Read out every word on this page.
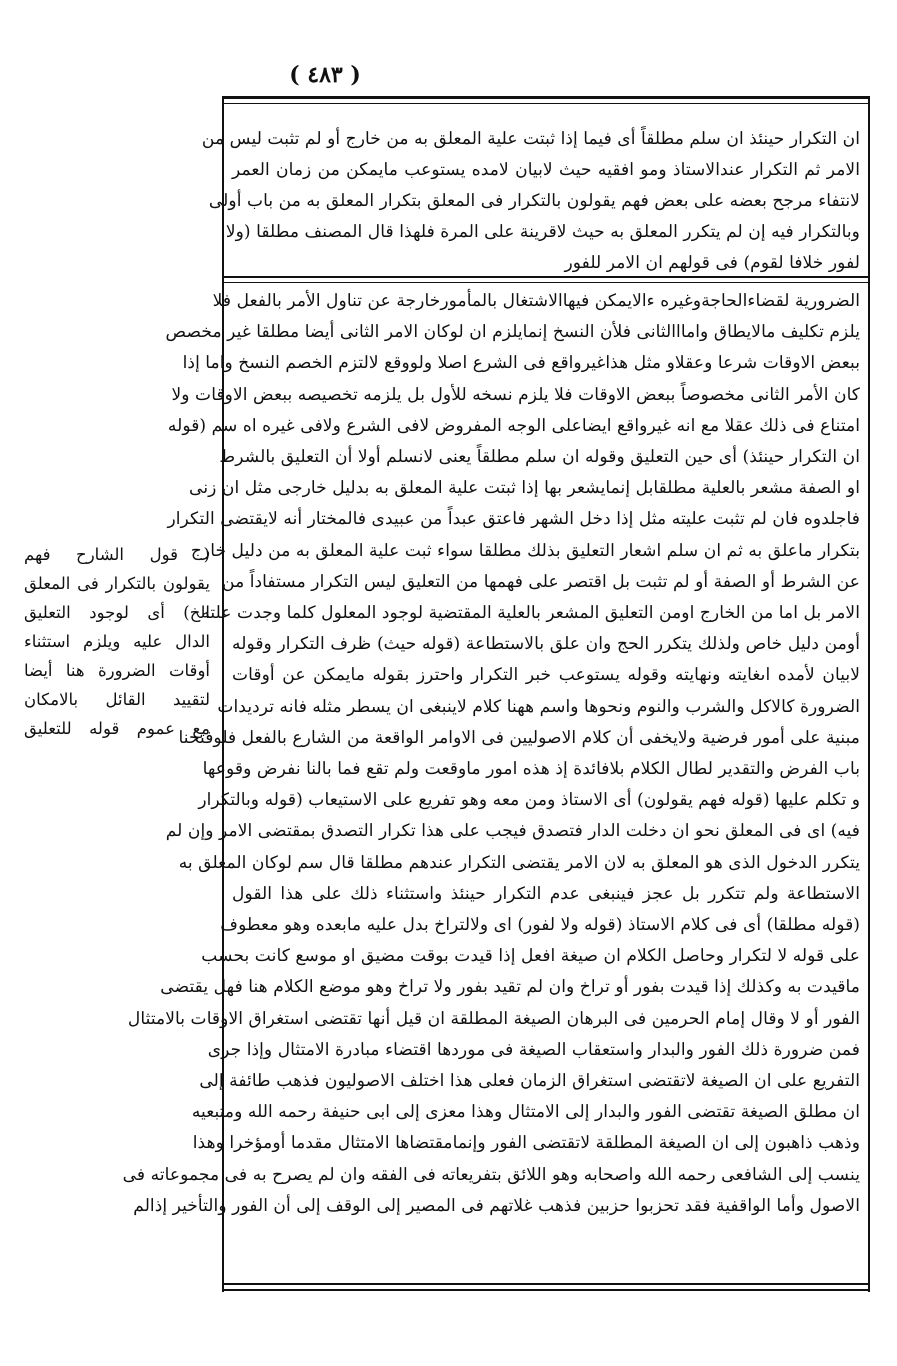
( ٤٨٣ )

ان التكرار حينئذ ان سلم مطلقاً أى فيما إذا ثبتت علية المعلق به من خارج أو لم تثبت ليس من

الامر ثم التكرار عندالاستاذ ومو افقيه حيث لابيان لامده يستوعب مايمكن من زمان العمر

لانتفاء مرجح بعضه على بعض فهم يقولون بالتكرار فى المعلق بتكرار المعلق به من باب أولى

وبالتكرار فيه إن لم يتكرر المعلق به حيث لاقرينة على المرة فلهذا قال المصنف مطلقا (ولا

لفور خلافا لقوم) فى قولهم ان الامر للفور

الضرورية لقضاءالحاجةوغيره ءالايمكن فيهاالاشتغال بالمأمورخارجة عن تناول الأمر بالفعل فلا

يلزم تكليف مالايطاق وامااالثانى فلأن النسخ إنمايلزم ان لوكان الامر الثانى أيضا مطلقا غير مخصص

ببعض الاوقات شرعا وعقلاو مثل هذاغيرواقع فى الشرع اصلا ولووقع لالتزم الخصم النسخ واما إذا

كان الأمر الثانى مخصوصاً ببعض الاوقات فلا يلزم نسخه للأول بل يلزمه تخصيصه ببعض الاوقات ولا

امتناع فى ذلك عقلا مع انه غيرواقع ايضاعلى الوجه المفروض لافى الشرع ولافى غيره اه سم (قوله

ان التكرار حينئذ) أى حين التعليق وقوله ان سلم مطلقاً يعنى لانسلم أولا أن التعليق بالشرط

او الصفة مشعر بالعلية مطلقابل إنمايشعر بها إذا ثبتت علية المعلق به بدليل خارجى مثل ان زنى

فاجلدوه فان لم تثبت عليته مثل إذا دخل الشهر فاعتق عبداً من عبيدى فالمختار أنه لايقتضى التكرار

بتكرار ماعلق به ثم ان سلم اشعار التعليق بذلك مطلقا سواء ثبت علية المعلق به من دليل خارج

عن الشرط أو الصفة أو لم تثبت بل اقتصر على فهمها من التعليق ليس التكرار مستفاداً من

الامر بل اما من الخارج اومن التعليق المشعر بالعلية المقتضية لوجود المعلول كلما وجدت علته

أومن دليل خاص ولذلك يتكرر الحج وان علق بالاستطاعة (قوله حيث) ظرف التكرار وقوله

لابيان لأمده اىغايته ونهايته وقوله يستوعب خبر التكرار واحترز بقوله مايمكن عن أوقات

الضرورة كالاكل والشرب والنوم ونحوها واسم ههنا كلام لاينبغى ان يسطر مثله فانه ترديدات

مبنية على أمور فرضية ولايخفى أن كلام الاصوليين فى الاوامر الواقعة من الشارع بالفعل فلوفتحنا

باب الفرض والتقدير لطال الكلام بلافائدة إذ هذه امور ماوقعت ولم تقع فما بالنا نفرض وقوعها

و تكلم عليها (قوله فهم يقولون) أى الاستاذ ومن معه وهو تفريع على الاستيعاب (قوله وبالتكرار

فيه) اى فى المعلق نحو ان دخلت الدار فتصدق فيجب على هذا تكرار التصدق بمقتضى الامر وإن لم

يتكرر الدخول الذى هو المعلق به لان الامر يقتضى التكرار عندهم مطلقا قال سم لوكان المعلق به

الاستطاعة ولم تتكرر بل عجز فينبغى عدم التكرار حينئذ واستثناء ذلك على هذا القول

(قوله مطلقا) أى فى كلام الاستاذ (قوله ولا لفور) اى ولالتراخ بدل عليه مابعده وهو معطوف

على قوله لا لتكرار وحاصل الكلام ان صيغة افعل إذا قيدت بوقت مضيق او موسع كانت بحسب

ماقيدت به وكذلك إذا قيدت بفور أو تراخ وان لم تقيد بفور ولا تراخ وهو موضع الكلام هنا فهل يقتضى

الفور أو لا وقال إمام الحرمين فى البرهان الصيغة المطلقة ان قيل أنها تقتضى استغراق الاوقات بالامتثال

فمن ضرورة ذلك الفور والبدار واستعقاب الصيغة فى موردها اقتضاء مبادرة الامتثال وإذا جرى

التفريع على ان الصيغة لاتقتضى استغراق الزمان فعلى هذا اختلف الاصوليون فذهب طائفة إلى

ان مطلق الصيغة تقتضى الفور والبدار إلى الامتثال وهذا معزى إلى ابى حنيفة رحمه الله ومتبعيه

وذهب ذاهبون إلى ان الصيغة المطلقة لاتقتضى الفور وإنمامقتضاها الامتثال مقدما أومؤخرا وهذا

ينسب إلى الشافعى رحمه الله واصحابه وهو اللائق بتفريعاته فى الفقه وان لم يصرح به فى مجموعاته فى

الاصول وأما الواقفية فقد تحزبوا حزبين فذهب غلاتهم فى المصير إلى الوقف إلى أن الفور والتأخير إذالم

( قول الشارح فهم

يقولون بالتكرار فى المعلق

الخ) أى لوجود التعليق

الدال عليه ويلزم استثناء

أوقات الضرورة هنا أيضا

لتقييد القائل بالامكان

مع عموم قوله للتعليق
